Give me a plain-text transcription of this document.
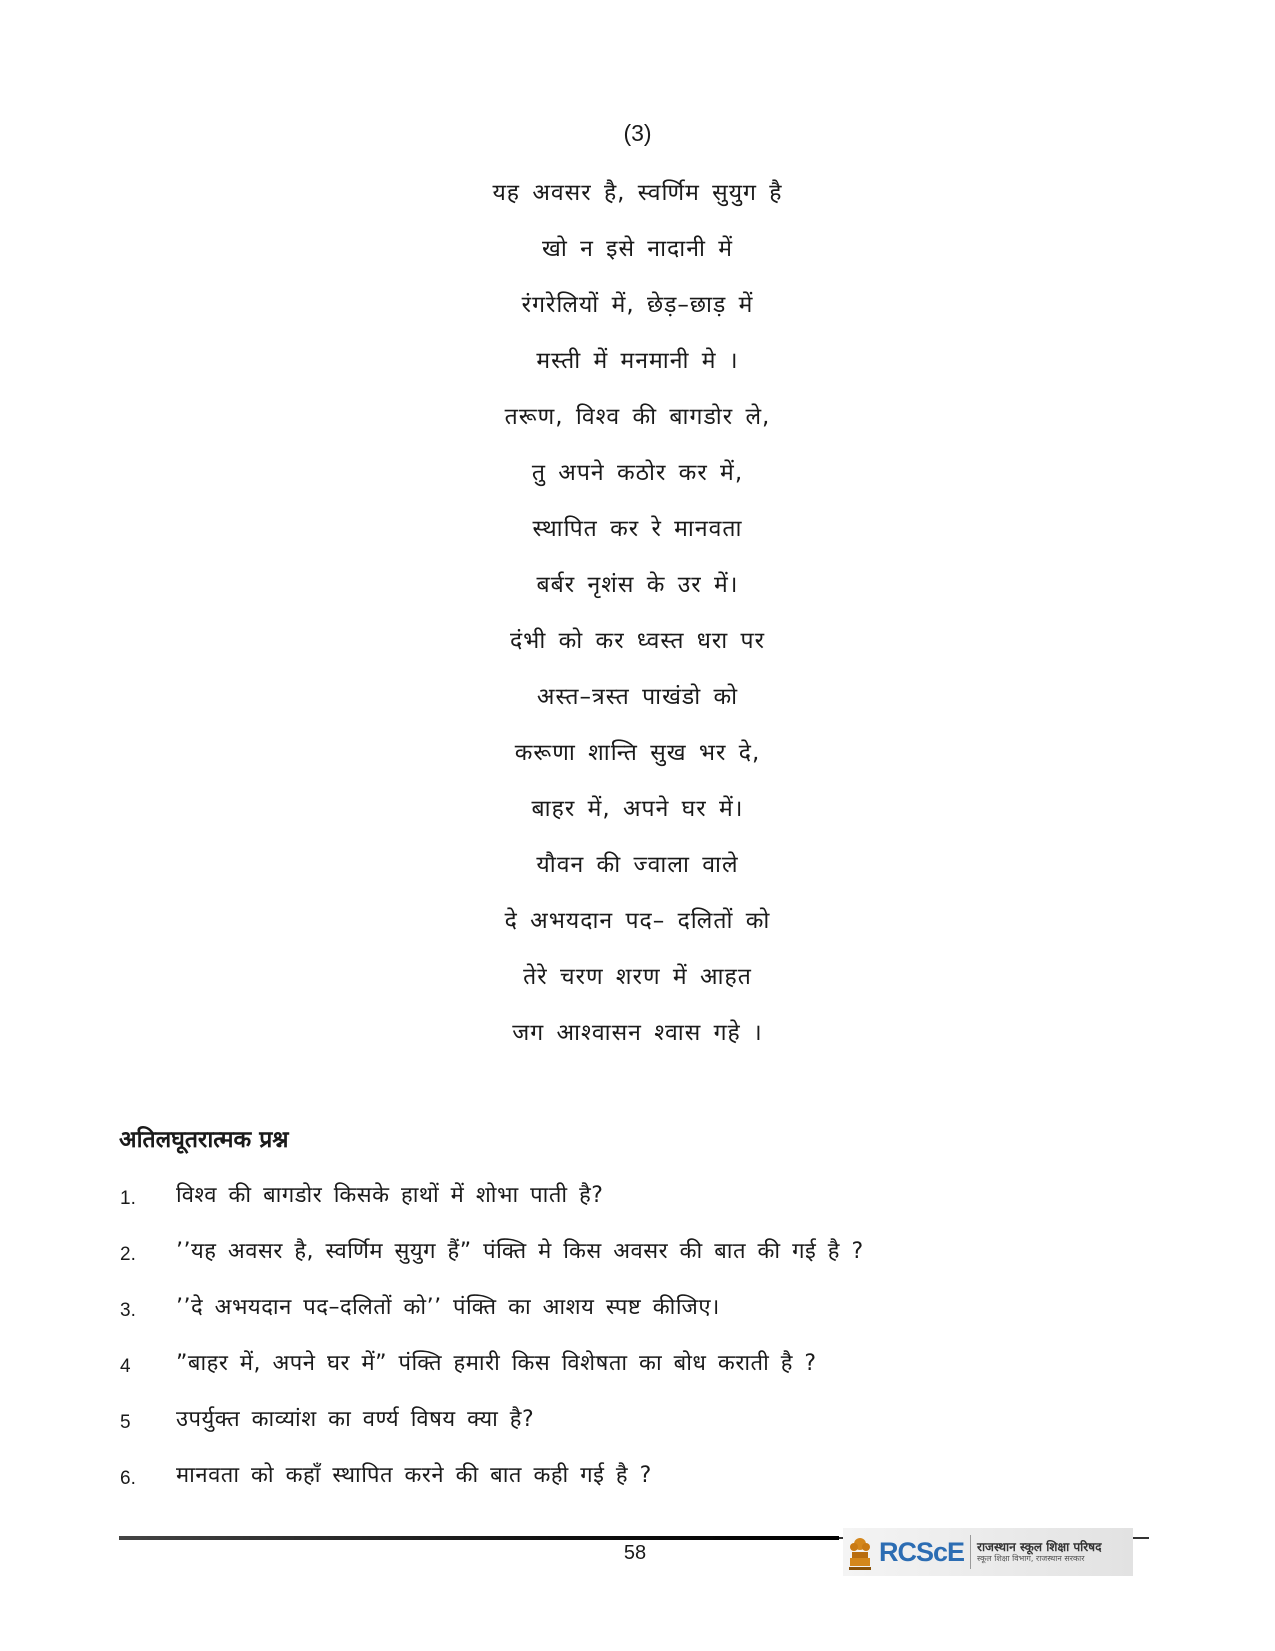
(3)
यह अवसर है, स्वर्णिम सुयुग है
खो न इसे नादानी में
रंगरेलियों में, छेड़–छाड़ में
मस्ती में मनमानी मे ।
तरूण, विश्व की बागडोर ले,
तु अपने कठोर कर में,
स्थापित कर रे मानवता
बर्बर नृशंस के उर में।
दंभी को कर ध्वस्त धरा पर
अस्त–त्रस्त पाखंडो को
करूणा शान्ति सुख भर दे,
बाहर में, अपने घर में।
यौवन की ज्वाला वाले
दे अभयदान पद– दलितों को
तेरे चरण शरण में आहत
जग आश्वासन श्वास गहे ।
अतिलघूतरात्मक प्रश्न
1. विश्व की बागडोर किसके हाथों में शोभा पाती है?
2. ’’यह अवसर है, स्वर्णिम सुयुग हैं” पंक्ति मे किस अवसर की बात की गई है ?
3. ’’दे अभयदान पद–दलितों को’’ पंक्ति का आशय स्पष्ट कीजिए।
4 ”बाहर में, अपने घर में” पंक्ति हमारी किस विशेषता का बोध कराती है ?
5 उपर्युक्त काव्यांश का वर्ण्य विषय क्या है?
6. मानवता को कहाँ स्थापित करने की बात कही गई है ?
58	RCScE राजस्थान स्कूल शिक्षा परिषद
स्कूल शिक्षा विभाग, राजस्थान सरकार
